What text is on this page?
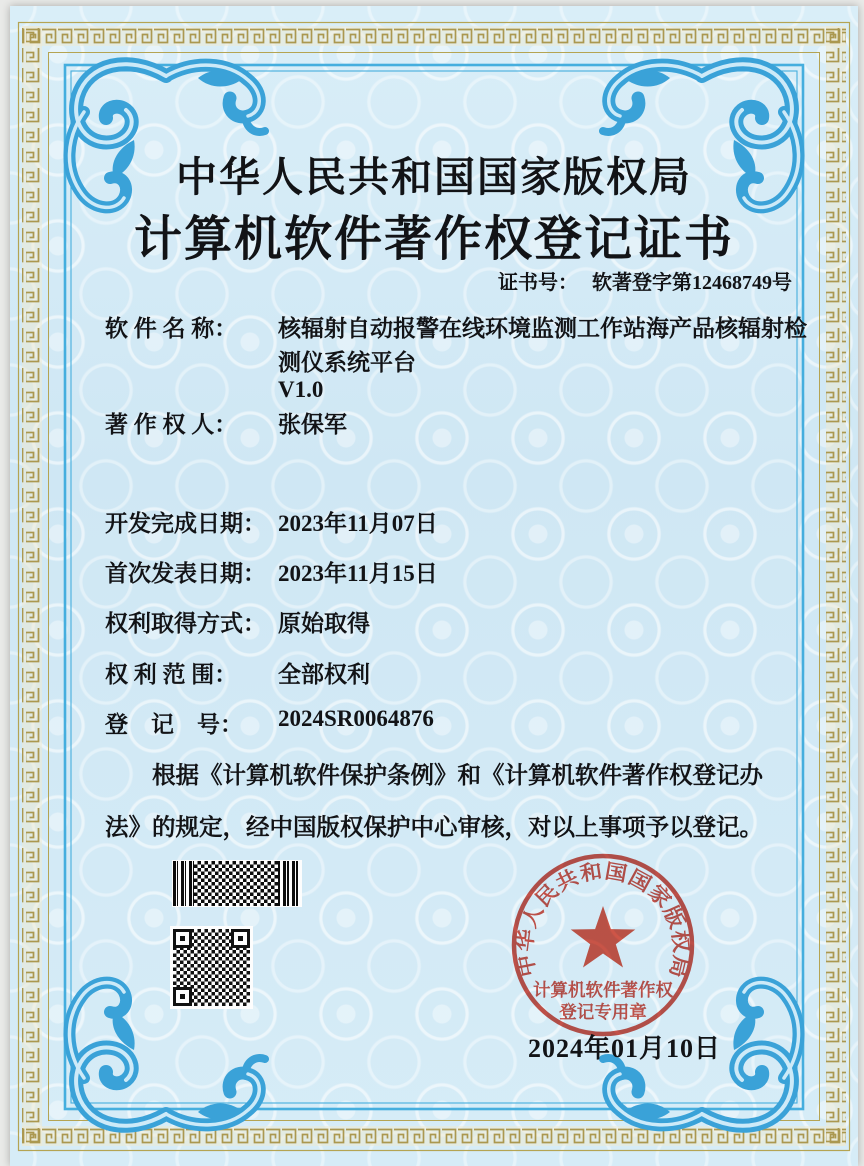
中华人民共和国国家版权局
计算机软件著作权登记证书
证书号： 软著登字第12468749号
软 件 名 称： 核辐射自动报警在线环境监测工作站海产品核辐射检
测仪系统平台
V1.0
著 作 权 人： 张保军
开发完成日期： 2023年11月07日
首次发表日期： 2023年11月15日
权利取得方式： 原始取得
权 利 范 围： 全部权利
登　记　号： 2024SR0064876
根据《计算机软件保护条例》和《计算机软件著作权登记办法》的规定，经中国版权保护中心审核，对以上事项予以登记。
中华人民共和国国家版权局
计算机软件著作权
登记专用章
2024年01月10日
